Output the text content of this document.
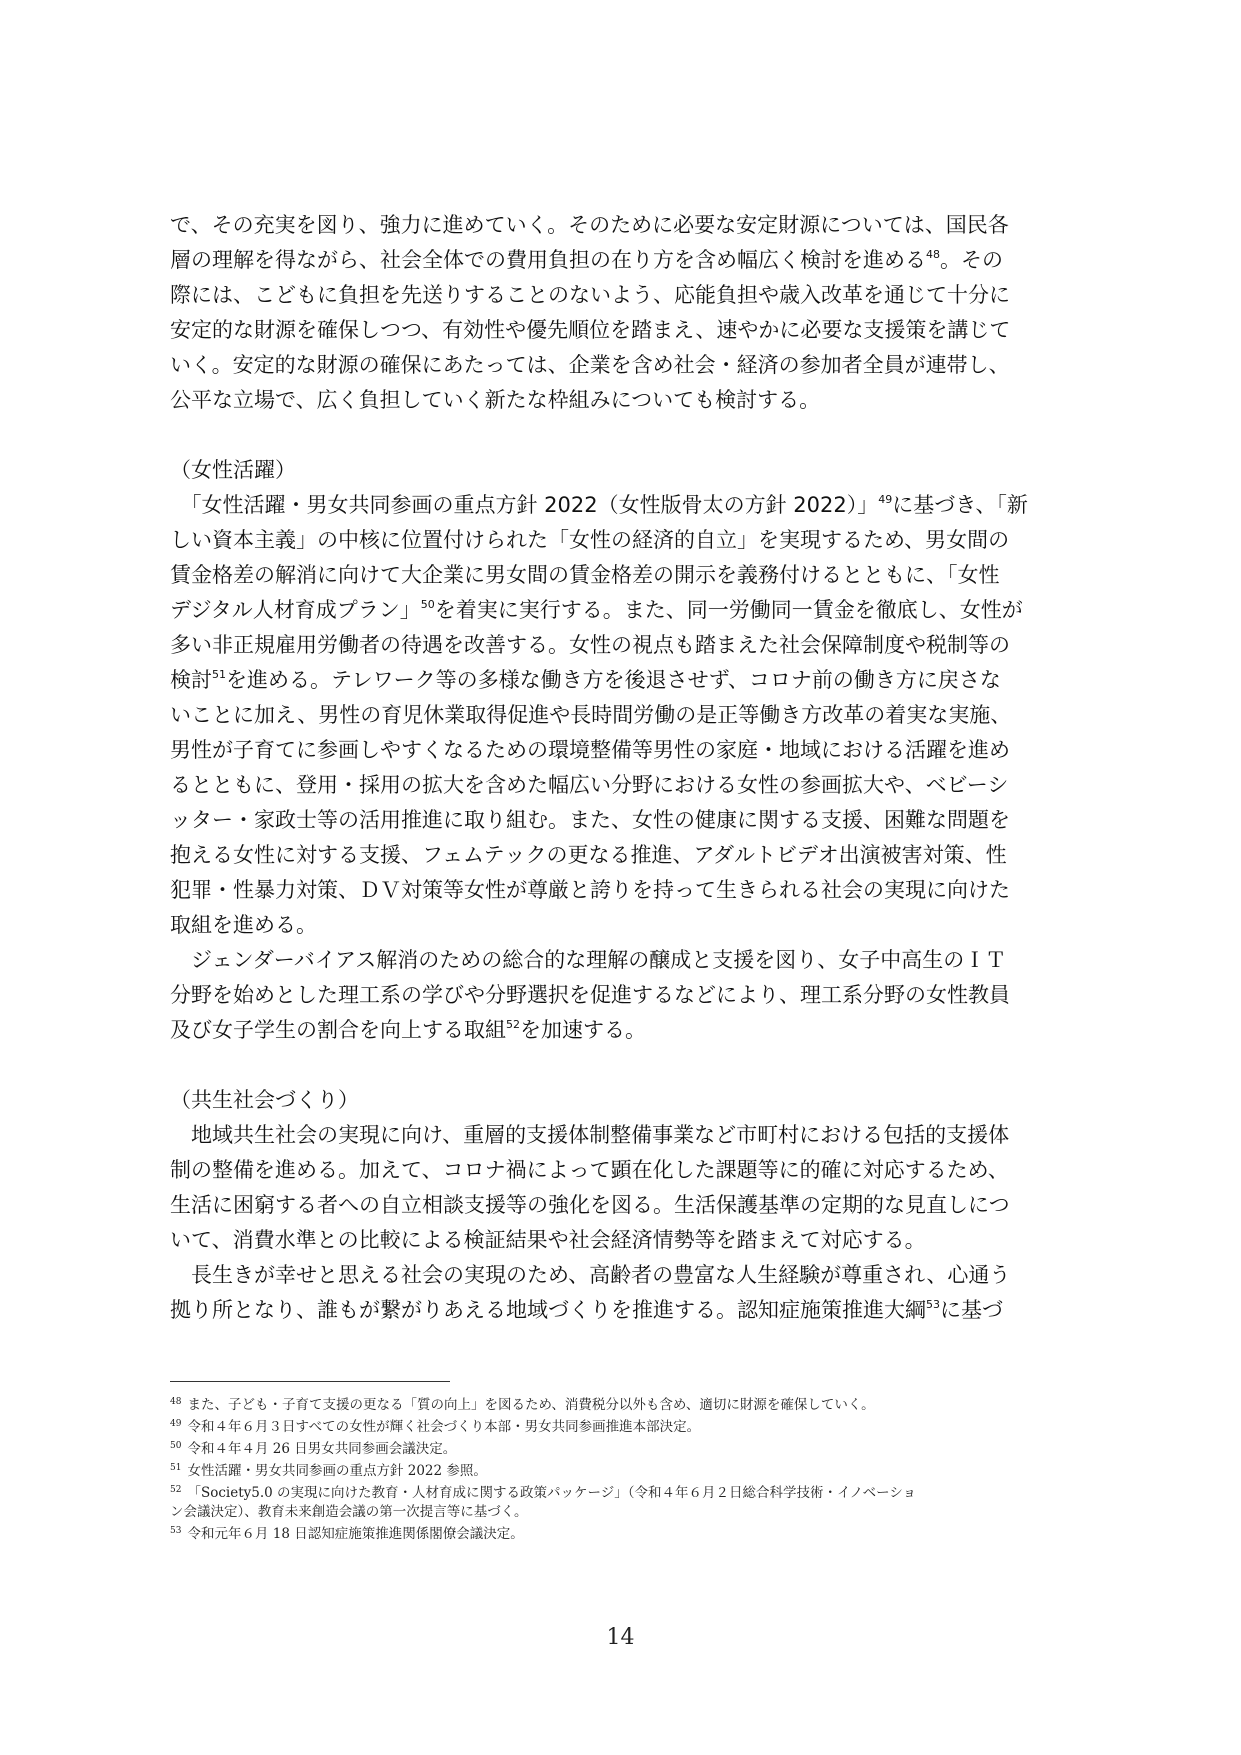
で、その充実を図り、強力に進めていく。そのために必要な安定財源については、国民各
層の理解を得ながら、社会全体での費用負担の在り方を含め幅広く検討を進める$^{48}$。その
際には、こどもに負担を先送りすることのないよう、応能負担や歳入改革を通じて十分に
安定的な財源を確保しつつ、有効性や優先順位を踏まえ、速やかに必要な支援策を講じて
いく。安定的な財源の確保にあたっては、企業を含め社会・経済の参加者全員が連帯し、
公平な立場で、広く負担していく新たな枠組みについても検討する。

（女性活躍）

　「女性活躍・男女共同参画の重点方針 2022（女性版骨太の方針 2022）」$^{49}$に基づき、「新
しい資本主義」の中核に位置付けられた「女性の経済的自立」を実現するため、男女間の
賃金格差の解消に向けて大企業に男女間の賃金格差の開示を義務付けるとともに、「女性
デジタル人材育成プラン」$^{50}$を着実に実行する。また、同一労働同一賃金を徹底し、女性が
多い非正規雇用労働者の待遇を改善する。女性の視点も踏まえた社会保障制度や税制等の
検討$^{51}$を進める。テレワーク等の多様な働き方を後退させず、コロナ前の働き方に戻さな
いことに加え、男性の育児休業取得促進や長時間労働の是正等働き方改革の着実な実施、
男性が子育てに参画しやすくなるための環境整備等男性の家庭・地域における活躍を進め
るとともに、登用・採用の拡大を含めた幅広い分野における女性の参画拡大や、ベビーシ
ッター・家政士等の活用推進に取り組む。また、女性の健康に関する支援、困難な問題を
抱える女性に対する支援、フェムテックの更なる推進、アダルトビデオ出演被害対策、性
犯罪・性暴力対策、ＤＶ対策等女性が尊厳と誇りを持って生きられる社会の実現に向けた
取組を進める。

　ジェンダーバイアス解消のための総合的な理解の醸成と支援を図り、女子中高生のＩＴ
分野を始めとした理工系の学びや分野選択を促進するなどにより、理工系分野の女性教員
及び女子学生の割合を向上する取組$^{52}$を加速する。

（共生社会づくり）

　地域共生社会の実現に向け、重層的支援体制整備事業など市町村における包括的支援体
制の整備を進める。加えて、コロナ禍によって顕在化した課題等に的確に対応するため、
生活に困窮する者への自立相談支援等の強化を図る。生活保護基準の定期的な見直しにつ
いて、消費水準との比較による検証結果や社会経済情勢等を踏まえて対応する。

　長生きが幸せと思える社会の実現のため、高齢者の豊富な人生経験が尊重され、心通う
拠り所となり、誰もが繋がりあえる地域づくりを推進する。認知症施策推進大綱$^{53}$に基づ

$^{48}$ また、子ども・子育て支援の更なる「質の向上」を図るため、消費税分以外も含め、適切に財源を確保していく。

$^{49}$ 令和４年６月３日すべての女性が輝く社会づくり本部・男女共同参画推進本部決定。

$^{50}$ 令和４年４月 26 日男女共同参画会議決定。

$^{51}$ 女性活躍・男女共同参画の重点方針 2022 参照。

$^{52}$ 「Society5.0 の実現に向けた教育・人材育成に関する政策パッケージ」（令和４年６月２日総合科学技術・イノベーショ

ン会議決定）、教育未来創造会議の第一次提言等に基づく。

$^{53}$ 令和元年６月 18 日認知症施策推進関係閣僚会議決定。

14
